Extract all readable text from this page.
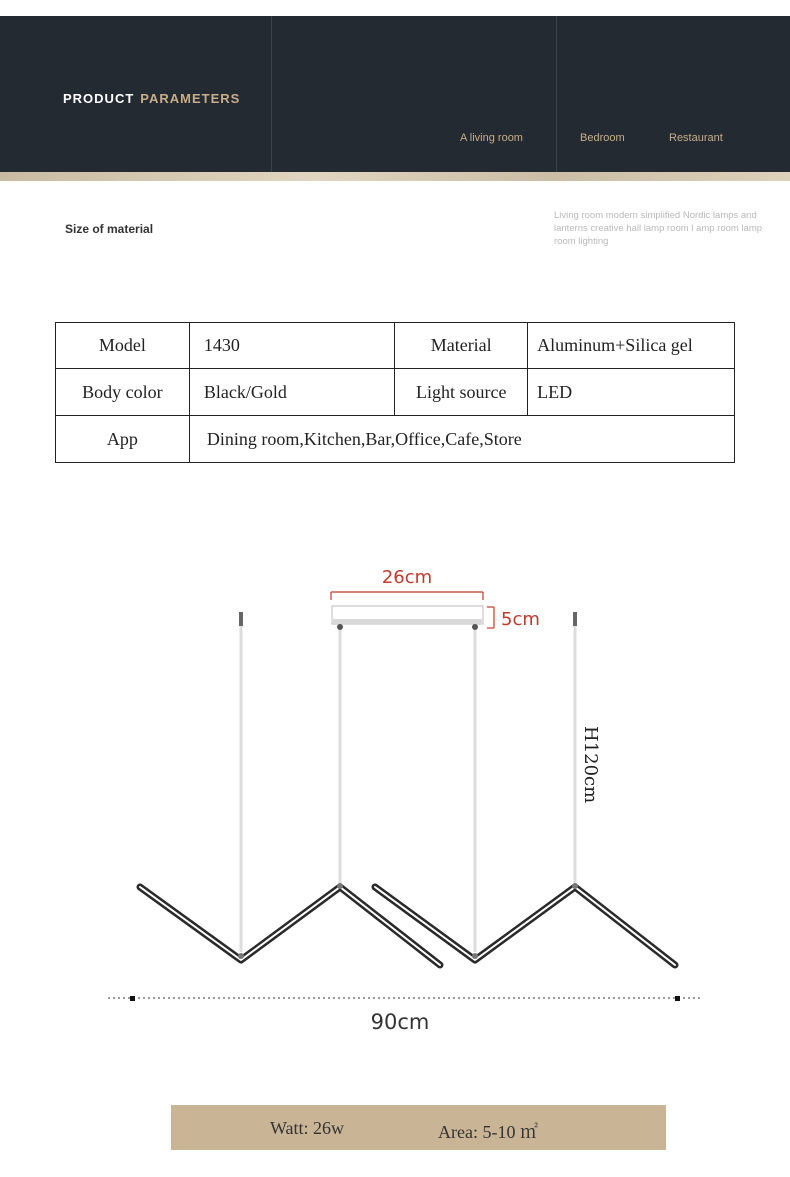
PRODUCT PARAMETERS
A living room	Bedroom	Restaurant
Size of material
Living room modern simplified Nordic lamps and lanterns creative hall lamp room l amp room lamp room lighting
Model	1430	Material	Aluminum+Silica gel
Body color	Black/Gold	Light source	LED
App	Dining room,Kitchen,Bar,Office,Cafe,Store		
26cm
5cm
H120cm
90cm
Watt: 26w	Area: 5-10 ㎡
